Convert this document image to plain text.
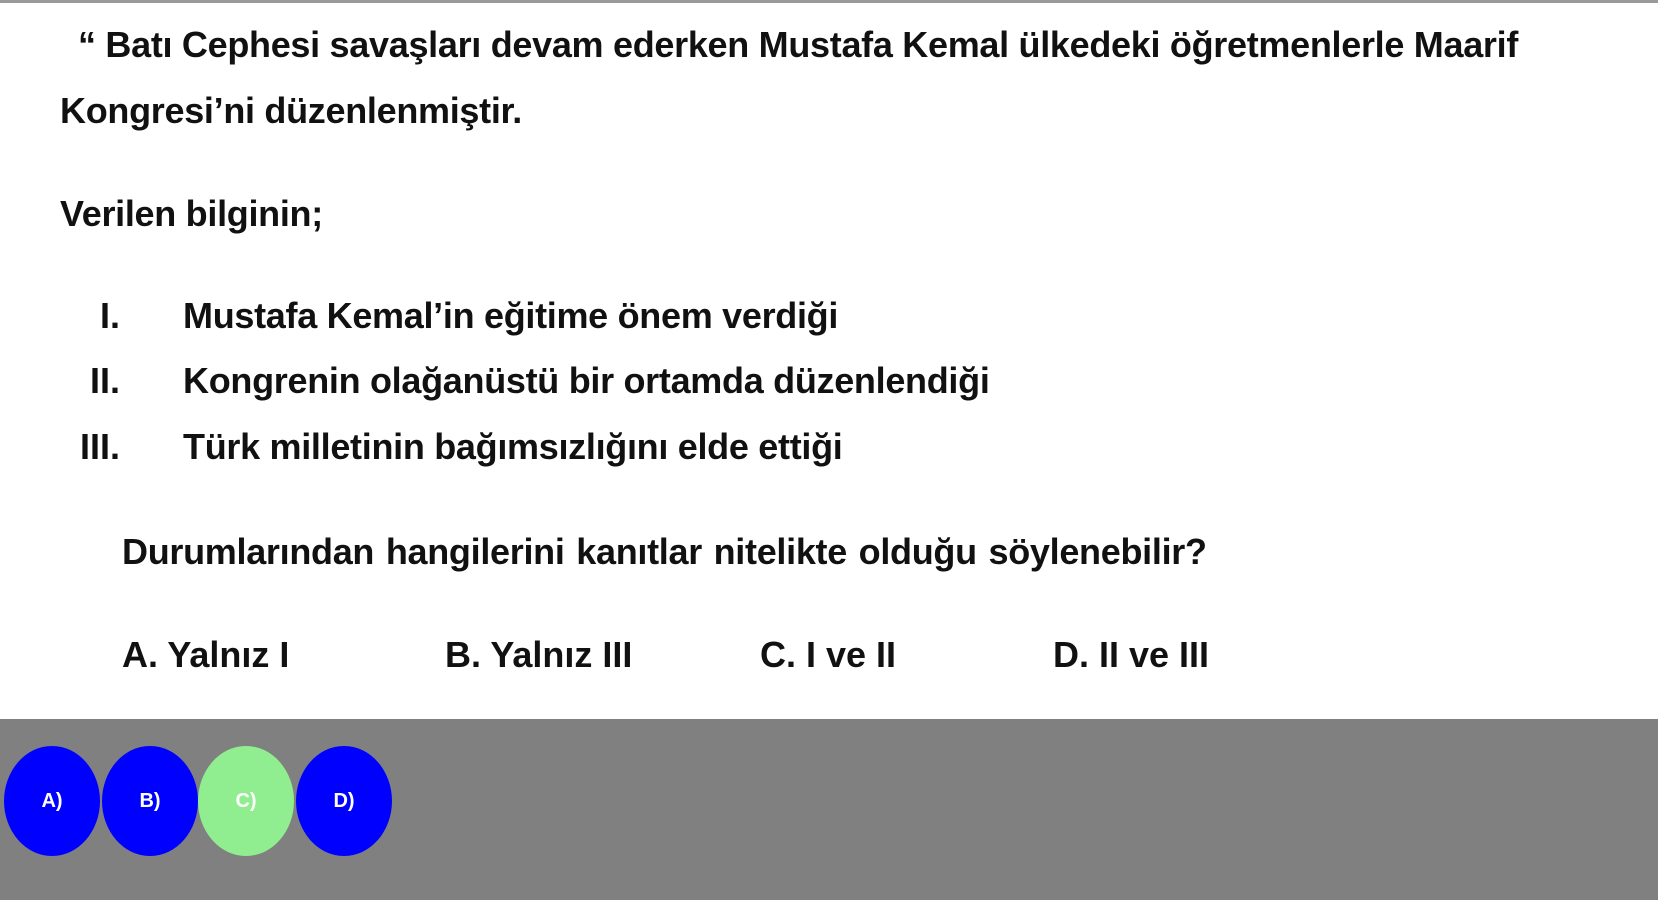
“ Batı Cephesi savaşları devam ederken Mustafa Kemal ülkedeki öğretmenlerle Maarif
Kongresi’ni düzenlenmiştir.
Verilen bilginin;
I. Mustafa Kemal’in eğitime önem verdiği
II. Kongrenin olağanüstü bir ortamda düzenlendiği
III. Türk milletinin bağımsızlığını elde ettiği
Durumlarından hangilerini kanıtlar nitelikte olduğu söylenebilir?
A. Yalnız I	B. Yalnız III	C. I ve II	D. II ve III
A)	B)	C)	D)
